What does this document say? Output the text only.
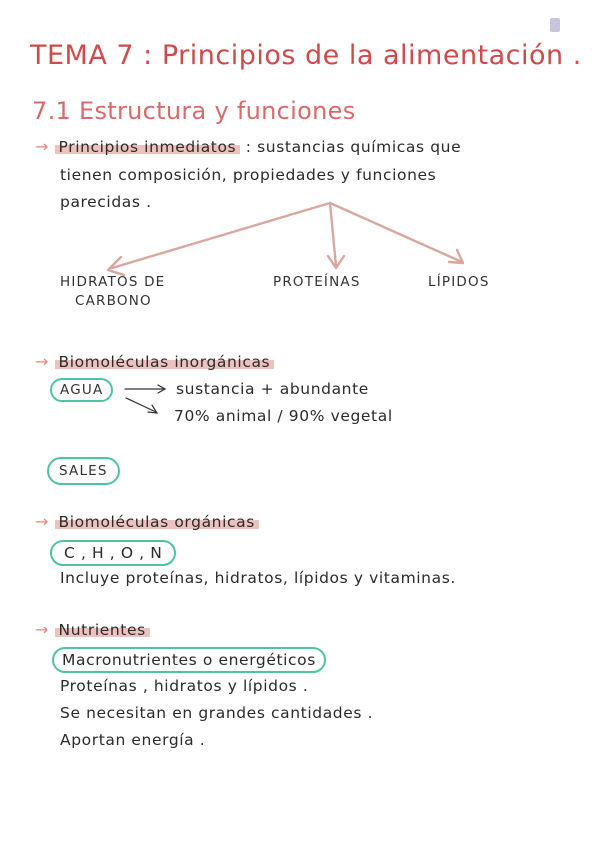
TEMA 7 : Principios de la alimentación .
7.1 Estructura y funciones
→ Principios inmediatos : sustancias químicas que
tienen composición, propiedades y funciones
parecidas .
HIDRATOS DE
CARBONO
PROTEÍNAS	LÍPIDOS
→ Biomoléculas inorgánicas
AGUA	sustancia + abundante
70% animal / 90% vegetal
SALES
→ Biomoléculas orgánicas
C , H , O , N
Incluye proteínas, hidratos, lípidos y vitaminas.
→ Nutrientes
Macronutrientes o energéticos
Proteínas , hidratos y lípidos .
Se necesitan en grandes cantidades .
Aportan energía .
